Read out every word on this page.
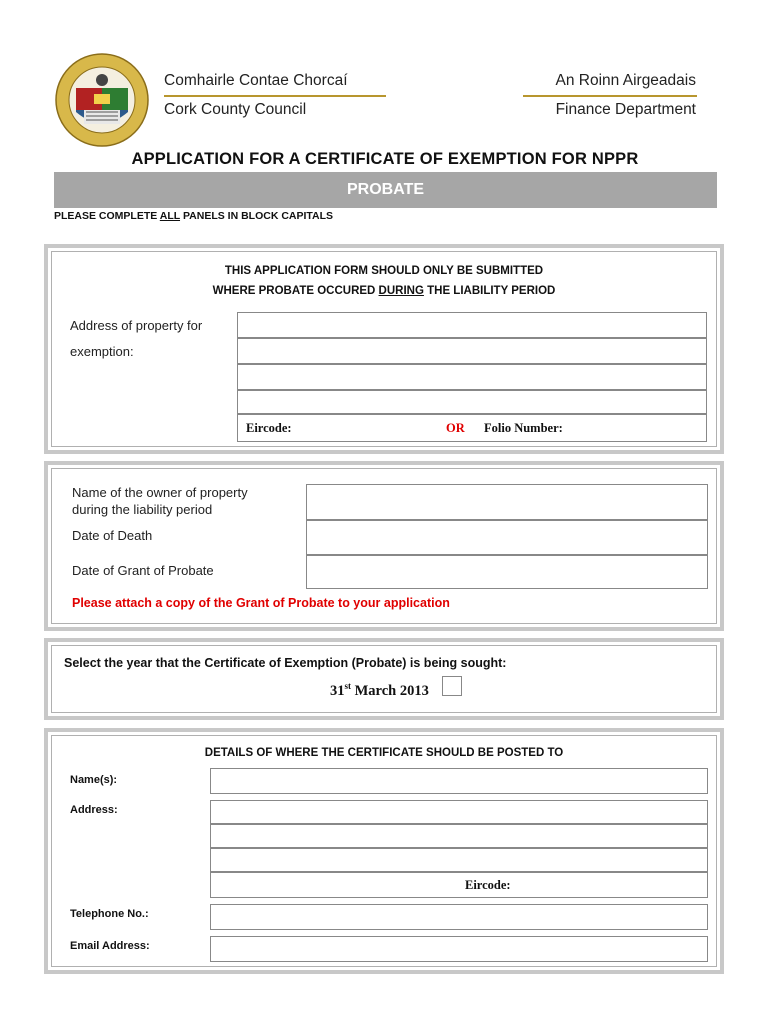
Comhairle Contae Chorcaí
Cork County Council
An Roinn Airgeadais
Finance Department
APPLICATION FOR A CERTIFICATE OF EXEMPTION FOR NPPR
PROBATE
PLEASE COMPLETE ALL PANELS IN BLOCK CAPITALS
THIS APPLICATION FORM SHOULD ONLY BE SUBMITTED
WHERE PROBATE OCCURED DURING THE LIABILITY PERIOD
Address of property for
exemption:
Eircode:	OR Folio Number:
Name of the owner of property
during the liability period
Date of Death
Date of Grant of Probate
Please attach a copy of the Grant of Probate to your application
Select the year that the Certificate of Exemption (Probate) is being sought:
31st March 2013
DETAILS OF WHERE THE CERTIFICATE SHOULD BE POSTED TO
Name(s):
Address:
Eircode:
Telephone No.:
Email Address:
